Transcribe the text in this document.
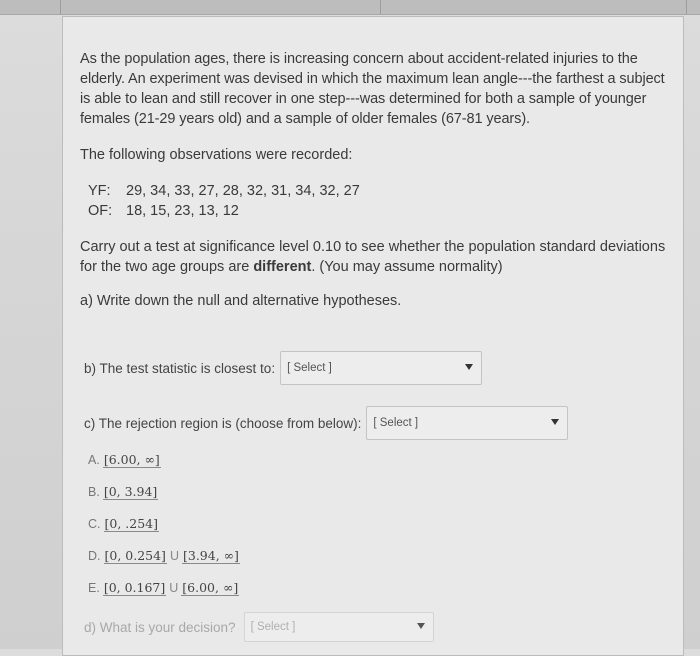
As the population ages, there is increasing concern about accident-related injuries to the elderly. An experiment was devised in which the maximum lean angle---the farthest a subject is able to lean and still recover in one step---was determined for both a sample of younger females (21-29 years old) and a sample of older females (67-81 years).

The following observations were recorded:

YF:	29, 34, 33, 27, 28, 32, 31, 34, 32, 27
OF: 18, 15, 23, 13, 12

Carry out a test at significance level 0.10 to see whether the population standard deviations for the two age groups are different. (You may assume normality)

a) Write down the null and alternative hypotheses.

b) The test statistic is closest to: [ Select ]
c) The rejection region is (choose from below): [ Select ]
A. [6.00, ∞]
B. [0, 3.94]
C. [0, .254]
D. [0, 0.254] U [3.94, ∞]
E. [0, 0.167] U [6.00, ∞]
d) What is your decision? [ Select ]
